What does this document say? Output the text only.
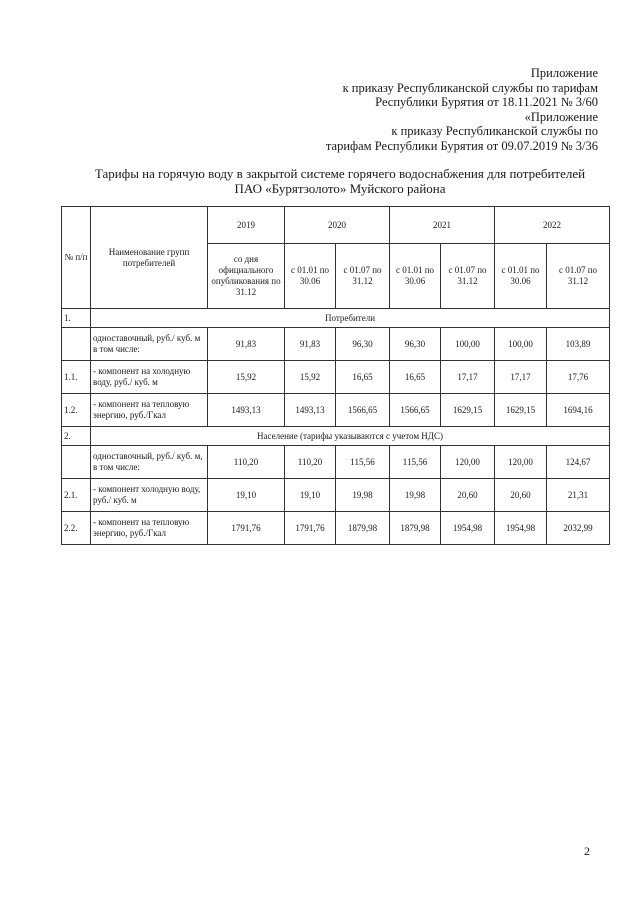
Приложение
к приказу Республиканской службы по тарифам
Республики Бурятия от 18.11.2021 № 3/60
«Приложение
к приказу Республиканской службы по
тарифам Республики Бурятия от 09.07.2019 № 3/36
Тарифы на горячую воду в закрытой системе горячего водоснабжения для потребителей
ПАО «Бурятзолото» Муйского района
№ п/п	Наименование групп потребителей	2019	2020		2021		2022	
		со дня официального опубликования по 31.12	с 01.01 по 30.06	с 01.07 по 31.12	с 01.01 по 30.06	с 01.07 по 31.12	с 01.01 по 30.06	с 01.07 по 31.12
1.	Потребители							
	одноставочный, руб./ куб. м в том числе:	91,83	91,83	96,30	96,30	100,00	100,00	103,89
1.1.	- компонент на холодную воду, руб./ куб. м	15,92	15,92	16,65	16,65	17,17	17,17	17,76
1.2.	- компонент на тепловую энергию, руб./Гкал	1493,13	1493,13	1566,65	1566,65	1629,15	1629,15	1694,16
2.	Население (тарифы указываются с учетом НДС)							
	одноставочный, руб./ куб. м, в том числе:	110,20	110,20	115,56	115,56	120,00	120,00	124,67
2.1.	- компонент холодную воду, руб./ куб. м	19,10	19,10	19,98	19,98	20,60	20,60	21,31
2.2.	- компонент на тепловую энергию, руб./Гкал	1791,76	1791,76	1879,98	1879,98	1954,98	1954,98	2032,99
2
